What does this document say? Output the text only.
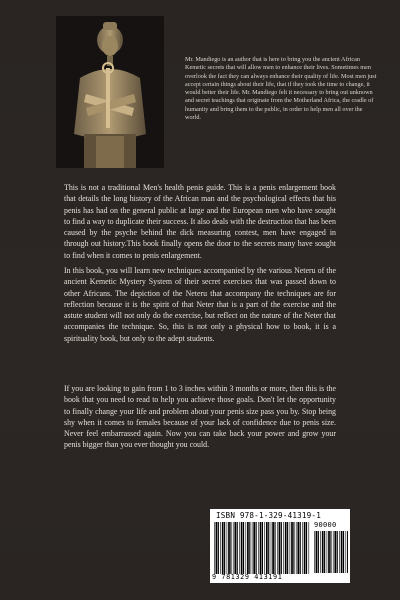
Mr. Mandiego is an author that is here to bring you the ancient African Kemetic secrets that will allow men to enhance their lives. Sometimes men overlook the fact they can always enhance their quality of life. Most men just accept certain things about their life, that if they took the time to change, it would better their life. Mr. Mandiego felt it necessary to bring out unknown and secret teachings that originate from the Motherland Africa, the cradle of humanity and bring them to the public, in order to help men all over the world.
This is not a traditional Men's health penis guide. This is a penis enlargement book that details the long history of the African man and the psychological effects that his penis has had on the general public at large and the European men who have sought to find a way to duplicate their success. It also deals with the destruction that has been caused by the psyche behind the dick measuring contest, men have engaged in through out history.This book finally opens the door to the secrets many have sought to find when it comes to penis enlargement.
In this book, you will learn new techniques accompanied by the various Neteru of the ancient Kemetic Mystery System of their secret exercises that was passed down to other Africans. The depiction of the Neteru that accompany the techniques are for reflection because it is the spirit of that Neter that is a part of the exercise and the astute student will not only do the exercise, but reflect on the nature of the Neter that accompanies the technique. So, this is not only a physical how to book, it is a spirituality book, but only to the adept students.
If you are looking to gain from 1 to 3 inches within 3 months or more, then this is the book that you need to read to help you achieve those goals. Don't let the opportunity to finally change your life and problem about your penis size pass you by. Stop being shy when it comes to females because of your lack of confidence due to penis size. Never feel embarrassed again. Now you can take back your power and grow your penis bigger than you ever thought you could.
ISBN 978-1-329-41319-1
90000
9 781329 413191
